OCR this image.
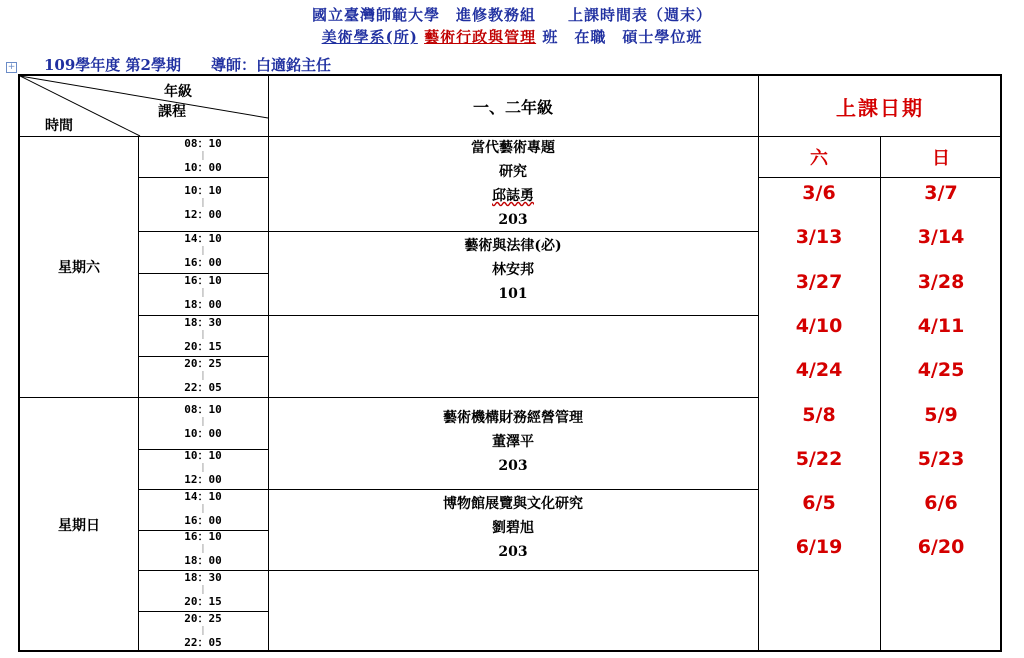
國立臺灣師範大學　進修教務組　　上課時間表（週末）
美術學系(所) 藝術行政與管理 班　在職　碩士學位班
+ 109學年度 第2學期　　導師：白適銘主任
年級
課程
時間
一、二年級	上課日期
六	日
星期六
星期日
08：10
|
10：00
10：10
|
12：00
14：10
|
16：00
16：10
|
18：00
18：30
|
20：15
20：25
|
22：05
08：10
|
10：00
10：10
|
12：00
14：10
|
16：00
16：10
|
18：00
18：30
|
20：15
20：25
|
22：05
當代藝術專題
研究
邱誌勇
203
藝術與法律(必)
林安邦
101
藝術機構財務經營管理
董澤平
203
博物館展覽與文化研究
劉碧旭
203
3/6
3/13
3/27
4/10
4/24
5/8
5/22
6/5
6/19
3/7
3/14
3/28
4/11
4/25
5/9
5/23
6/6
6/20
